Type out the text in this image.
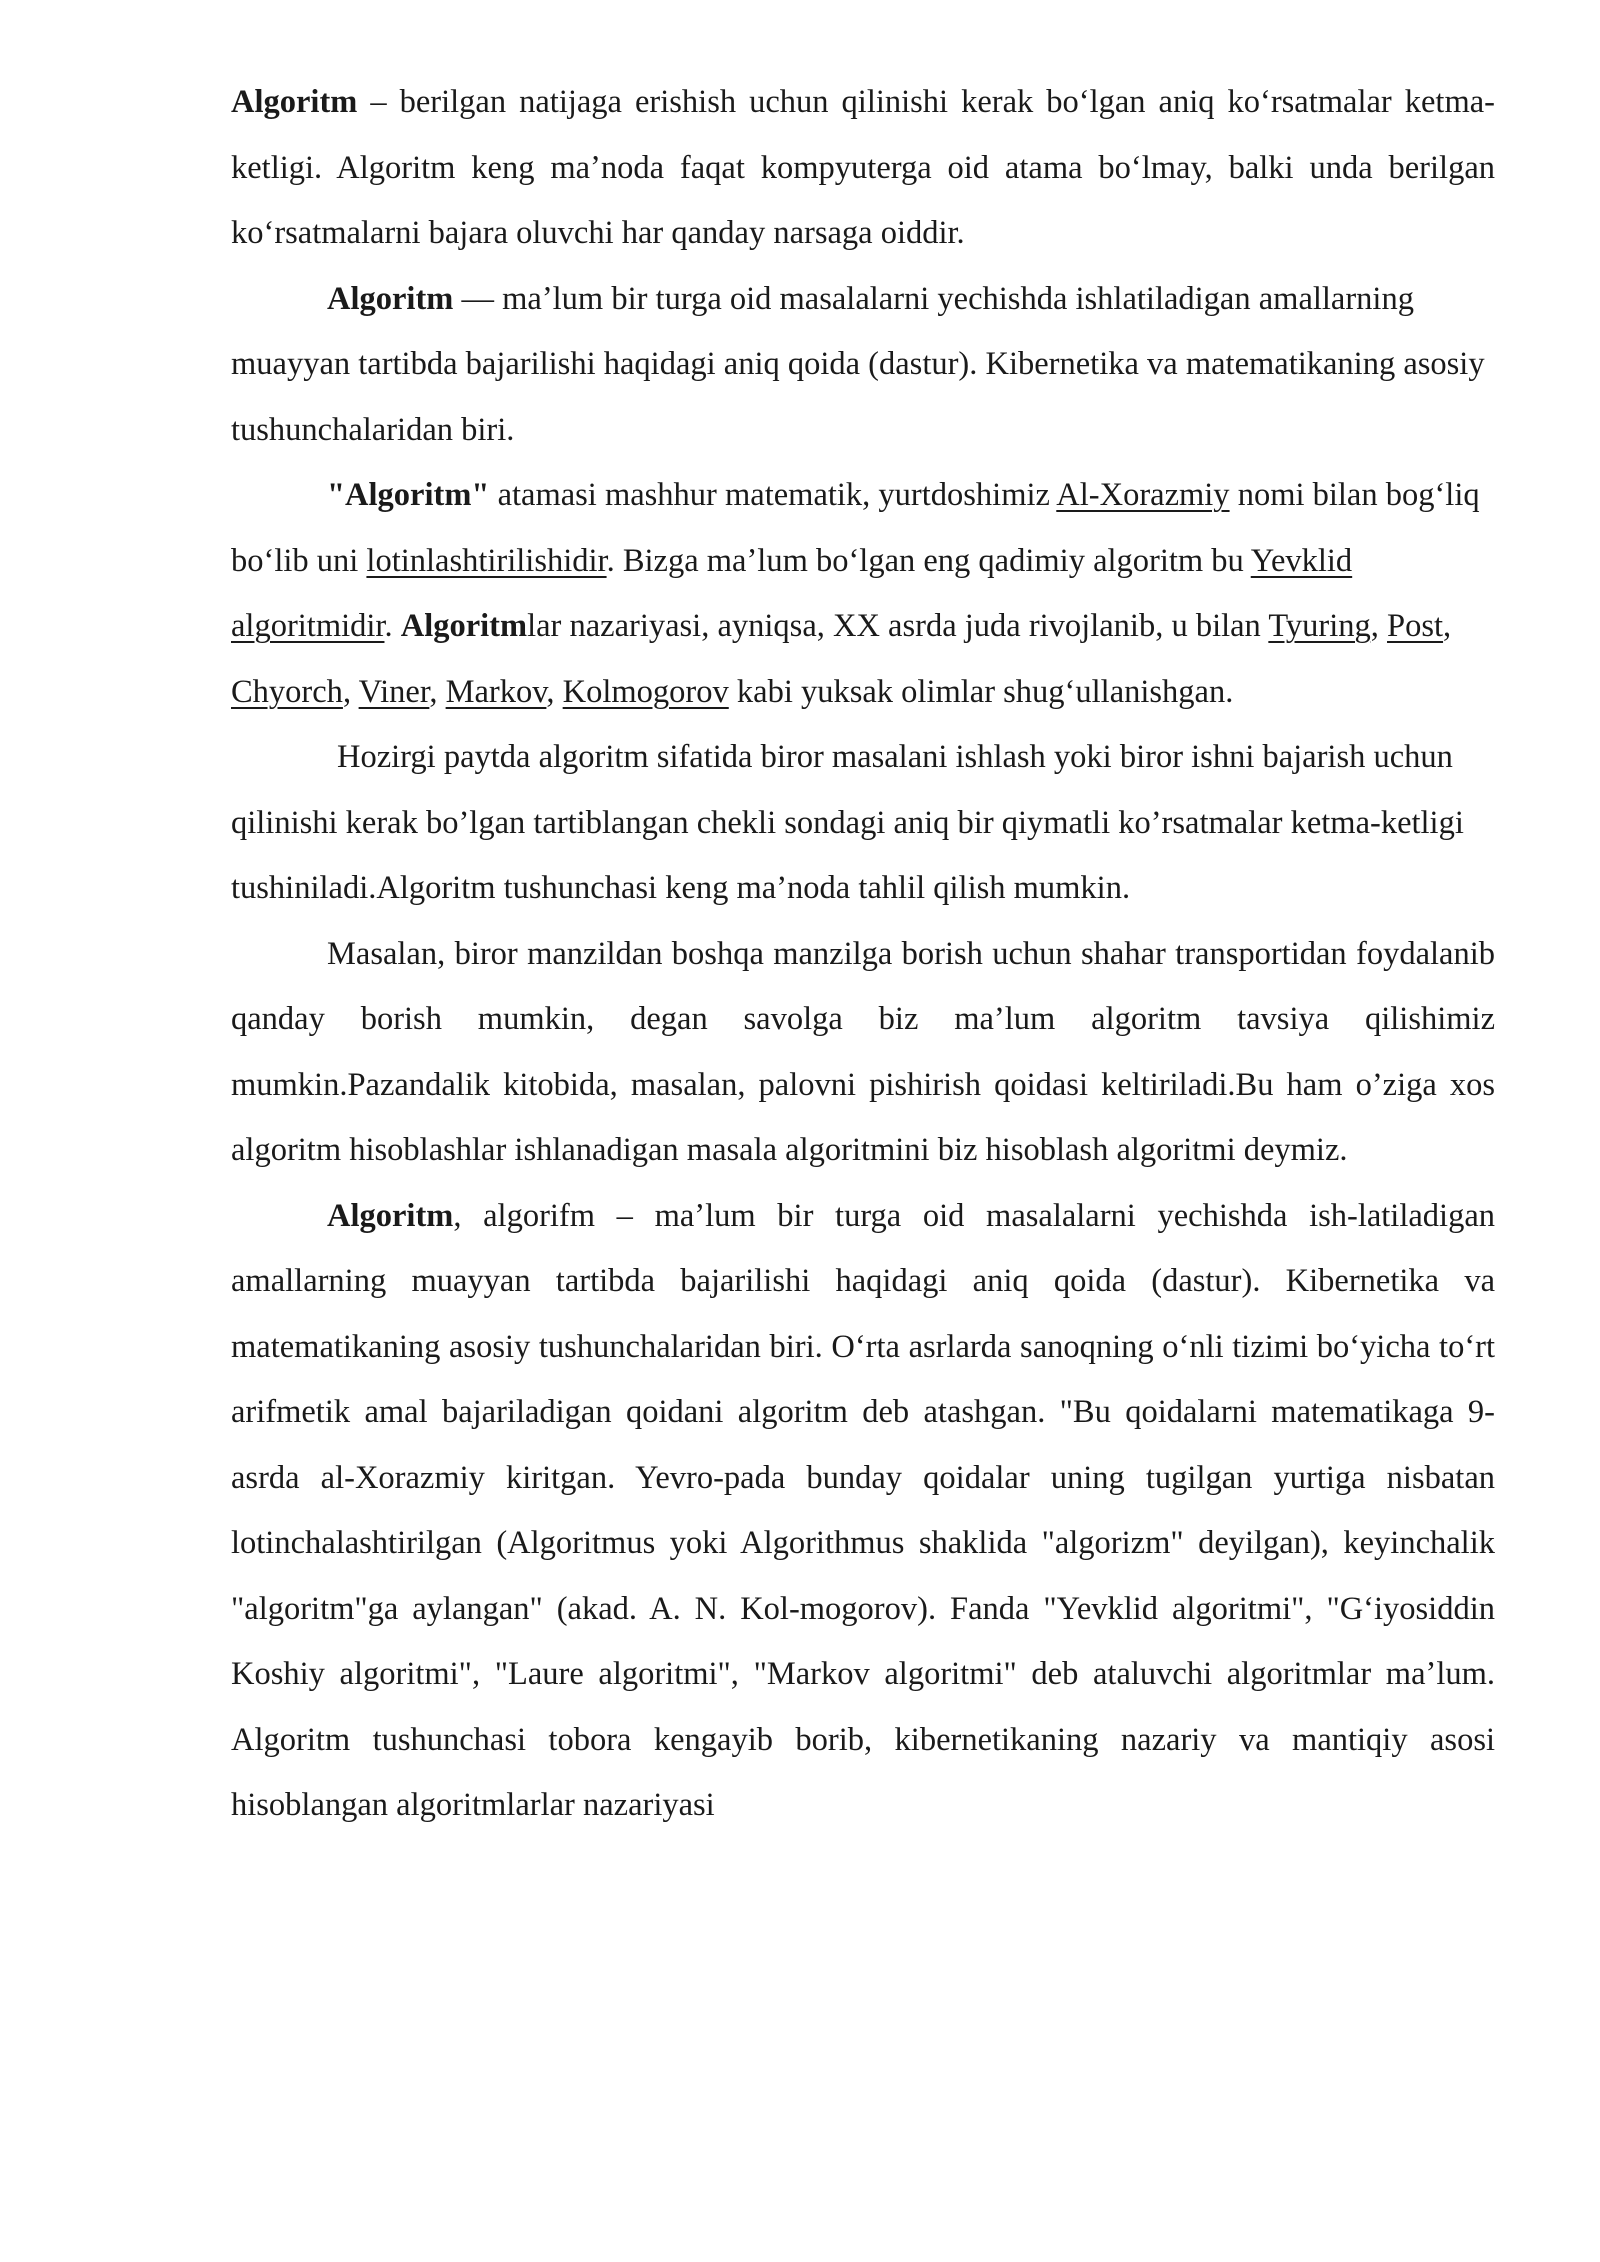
Algoritm – berilgan natijaga erishish uchun qilinishi kerak boʻlgan aniq koʻrsatmalar ketma-ketligi. Algoritm keng maʼnoda faqat kompyuterga oid atama boʻlmay, balki unda berilgan koʻrsatmalarni bajara oluvchi har qanday narsaga oiddir.

Algoritm — maʼlum bir turga oid masalalarni yechishda ishlatiladigan amallarning muayyan tartibda bajarilishi haqidagi aniq qoida (dastur). Kibernetika va matematikaning asosiy tushunchalaridan biri.

"Algoritm" atamasi mashhur matematik, yurtdoshimiz Al-Xorazmiy nomi bilan bogʻliq boʻlib uni lotinlashtirilishidir. Bizga maʼlum boʻlgan eng qadimiy algoritm bu Yevklid algoritmidir. Algoritmlar nazariyasi, ayniqsa, XX asrda juda rivojlanib, u bilan Tyuring, Post, Chyorch, Viner, Markov, Kolmogorov kabi yuksak olimlar shugʻullanishgan.

Hozirgi paytda algoritm sifatida biror masalani ishlash yoki biror ishni bajarish uchun qilinishi kerak bo’lgan tartiblangan chekli sondagi aniq bir qiymatli ko’rsatmalar ketma-ketligi tushiniladi.Algoritm tushunchasi keng ma’noda tahlil qilish mumkin.

Masalan, biror manzildan boshqa manzilga borish uchun shahar transportidan foydalanib qanday borish mumkin, degan savolga biz ma’lum algoritm tavsiya qilishimiz mumkin.Pazandalik kitobida, masalan, palovni pishirish qoidasi keltiriladi.Bu ham o’ziga xos algoritm hisoblashlar ishlanadigan masala algoritmini biz hisoblash algoritmi deymiz.

Algoritm, algorifm – maʼlum bir turga oid masalalarni yechishda ish-latiladigan amallarning muayyan tartibda bajarilishi haqidagi aniq qoida (dastur). Kibernetika va matematikaning asosiy tushunchalaridan biri. Oʻrta asrlarda sanoqning oʻnli tizimi boʻyicha toʻrt arifmetik amal bajariladigan qoidani algoritm deb atashgan. "Bu qoidalarni matematikaga 9-asrda al-Xorazmiy kiritgan. Yevro-pada bunday qoidalar uning tugilgan yurtiga nisbatan lotinchalashtirilgan (Algoritmus yoki Algorithmus shaklida "algorizm" deyilgan), keyinchalik "algoritm"ga aylangan" (akad. A. N. Kol-mogorov). Fanda "Yevklid algoritmi", "Gʻiyosiddin Koshiy algoritmi", "Laure algoritmi", "Markov algoritmi" deb ataluvchi algoritmlar maʼlum. Algoritm tushunchasi tobora kengayib borib, kibernetikaning nazariy va mantiqiy asosi hisoblangan algoritmlarlar nazariyasi
